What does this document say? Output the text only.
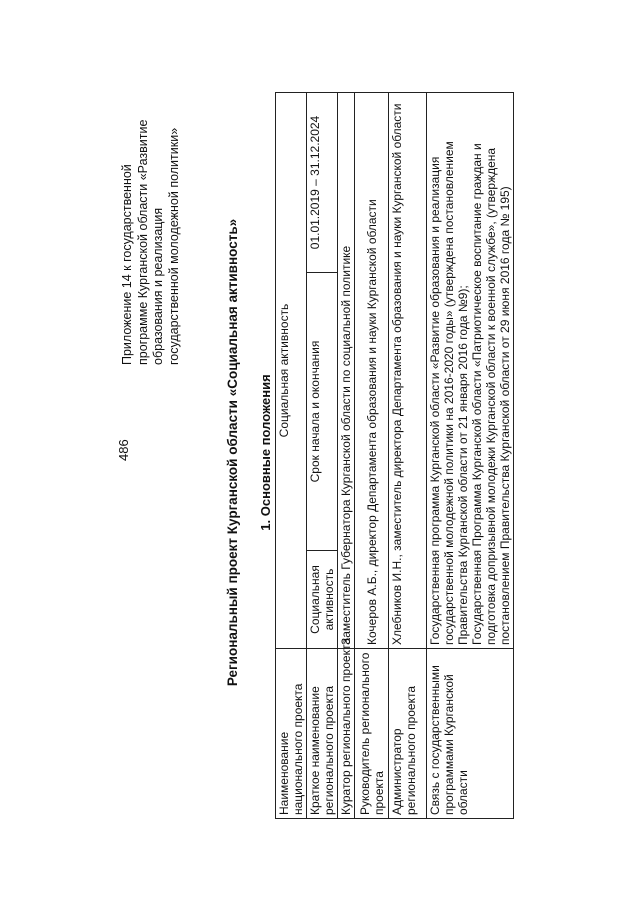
486
Приложение 14 к государственной программе Курганской области «Развитие образования и реализация государственной молодежной политики»	Региональный проект Курганской области «Социальная активность» 1. Основные положения
Наименование национального проекта	Социальная активность		
Краткое наименование регионального проекта	Социальная активность	Срок начала и окончания	01.01.2019 – 31.12.2024
Куратор регионального проекта	Заместитель Губернатора Курганской области по социальной политике		
Руководитель регионального проекта	Кочеров А.Б., директор Департамента образования и науки Курганской области		
Администратор регионального проекта	Хлебников И.Н., заместитель директора Департамента образования и науки Курганской области		
Связь с государственными программами Курганской области	Государственная программа Курганской области «Развитие образования и реализация государственной молодежной политики на 2016-2020 годы» (утверждена постановлением Правительства Курганской области от 21 января 2016 года №9); Государственная Программа Курганской области «Патриотическое воспитание граждан и подготовка допризывной молодежи Курганской области к военной службе», (утверждена постановлением Правительства Курганской области от 29 июня 2016 года № 195)		
